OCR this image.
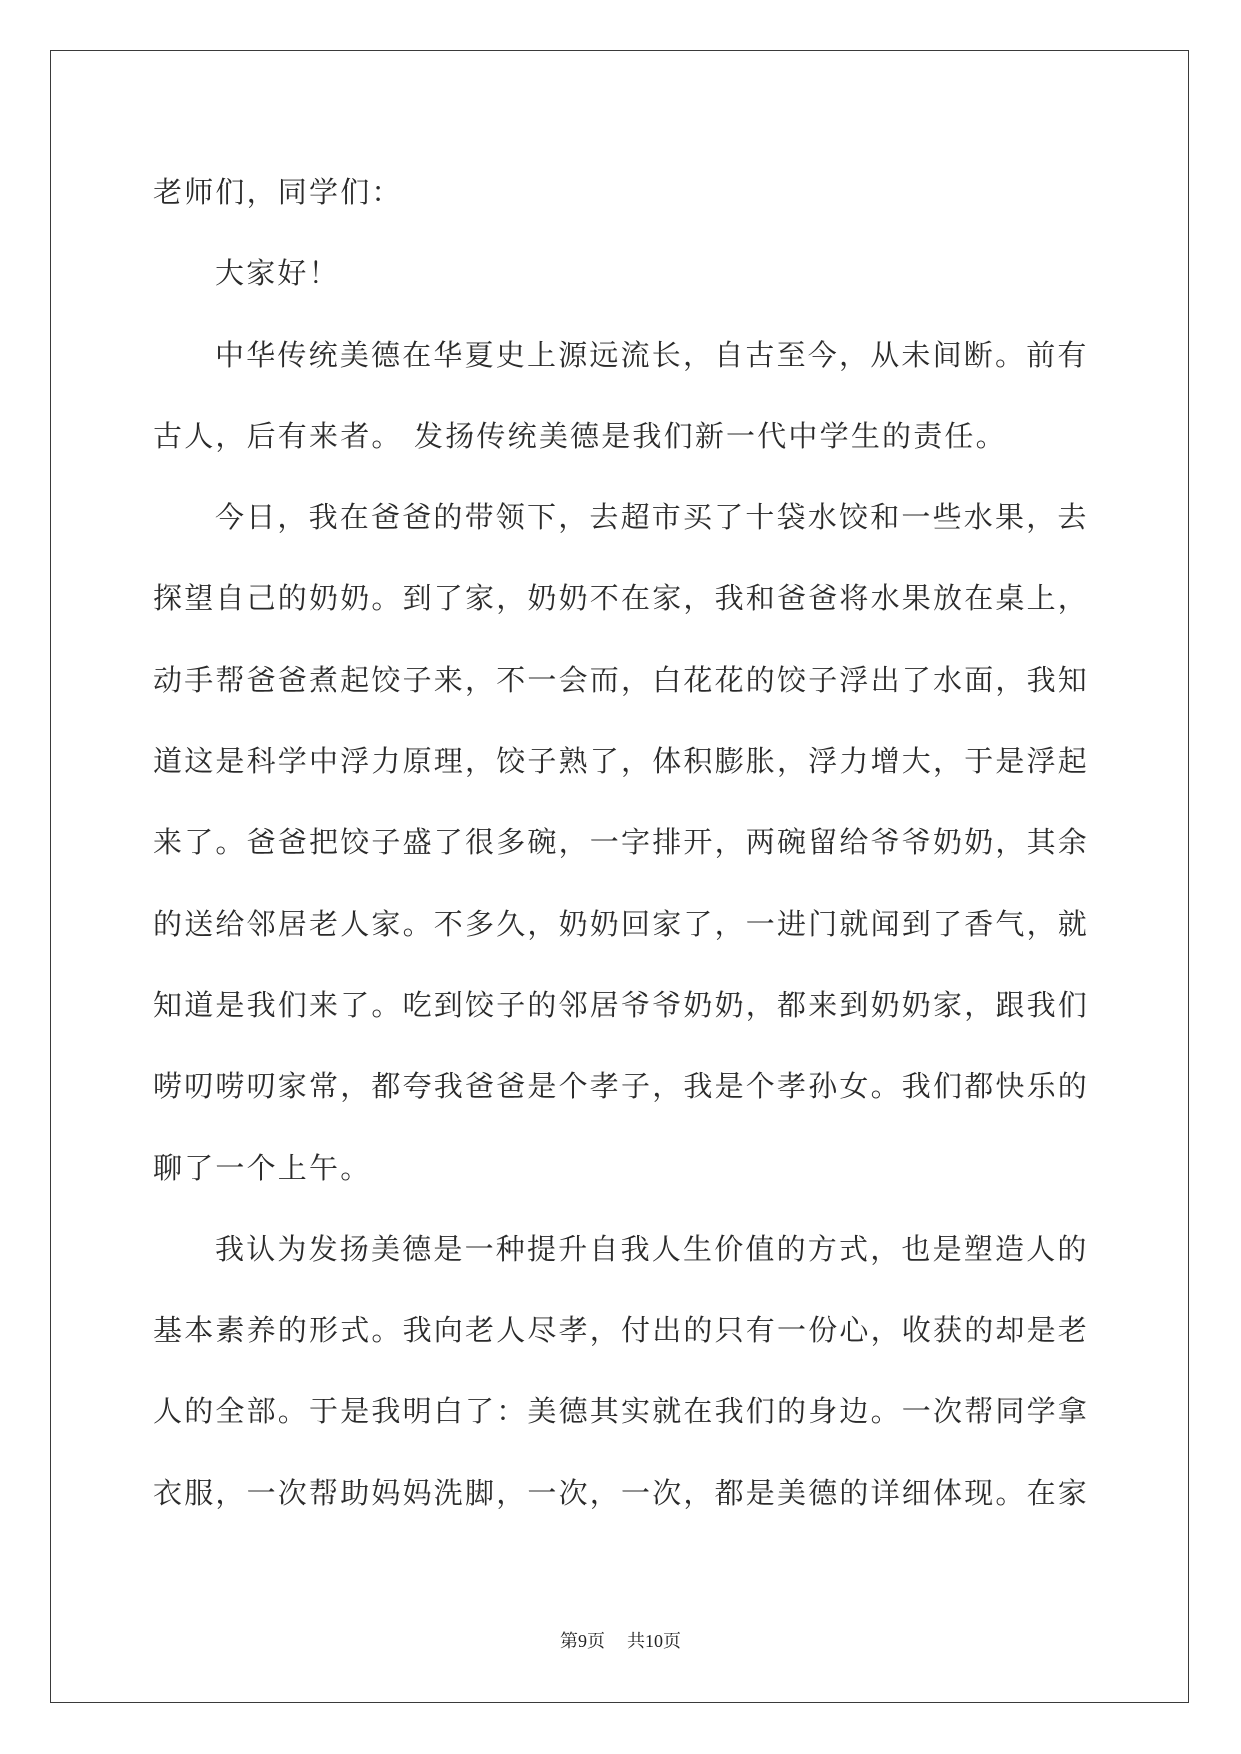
老师们，同学们：
大家好！
中华传统美德在华夏史上源远流长，自古至今，从未间断。前有
古人，后有来者。 发扬传统美德是我们新一代中学生的责任。
今日，我在爸爸的带领下，去超市买了十袋水饺和一些水果，去
探望自己的奶奶。到了家，奶奶不在家，我和爸爸将水果放在桌上，
动手帮爸爸煮起饺子来，不一会而，白花花的饺子浮出了水面，我知
道这是科学中浮力原理，饺子熟了，体积膨胀，浮力增大，于是浮起
来了。爸爸把饺子盛了很多碗，一字排开，两碗留给爷爷奶奶，其余
的送给邻居老人家。不多久，奶奶回家了，一进门就闻到了香气，就
知道是我们来了。吃到饺子的邻居爷爷奶奶，都来到奶奶家，跟我们
唠叨唠叨家常，都夸我爸爸是个孝子，我是个孝孙女。我们都快乐的
聊了一个上午。
我认为发扬美德是一种提升自我人生价值的方式，也是塑造人的
基本素养的形式。我向老人尽孝，付出的只有一份心，收获的却是老
人的全部。于是我明白了：美德其实就在我们的身边。一次帮同学拿
衣服，一次帮助妈妈洗脚，一次，一次，都是美德的详细体现。在家
第9页 共10页
